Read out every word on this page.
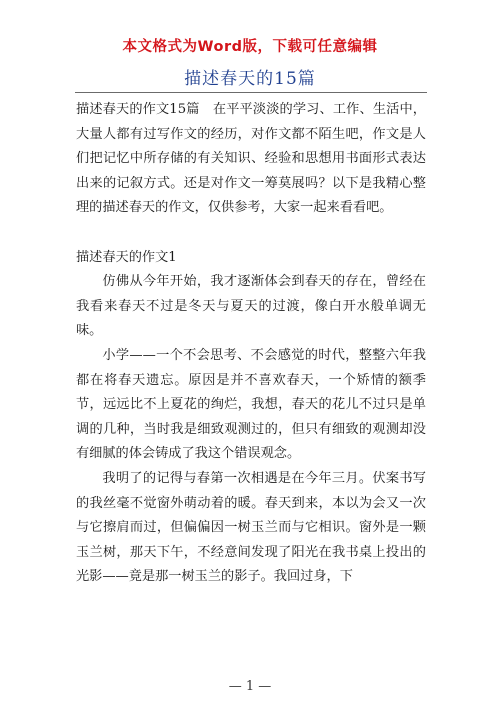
本文格式为Word版，下载可任意编辑
描述春天的15篇

描述春天的作文15篇　在平平淡淡的学习、工作、生活中，大量人都有过写作文的经历，对作文都不陌生吧，作文是人们把记忆中所存储的有关知识、经验和思想用书面形式表达出来的记叙方式。还是对作文一筹莫展吗？以下是我精心整理的描述春天的作文，仅供参考，大家一起来看看吧。

描述春天的作文1

仿佛从今年开始，我才逐渐体会到春天的存在，曾经在我看来春天不过是冬天与夏天的过渡，像白开水般单调无味。

小学——一个不会思考、不会感觉的时代，整整六年我都在将春天遗忘。原因是并不喜欢春天，一个矫情的额季节，远远比不上夏花的绚烂，我想，春天的花儿不过只是单调的几种，当时我是细致观测过的，但只有细致的观测却没有细腻的体会铸成了我这个错误观念。

我明了的记得与春第一次相遇是在今年三月。伏案书写的我丝毫不觉窗外萌动着的暖。春天到来，本以为会又一次与它擦肩而过，但偏偏因一树玉兰而与它相识。窗外是一颗玉兰树，那天下午，不经意间发现了阳光在我书桌上投出的光影——竟是那一树玉兰的影子。我回过身，下

— 1 —
